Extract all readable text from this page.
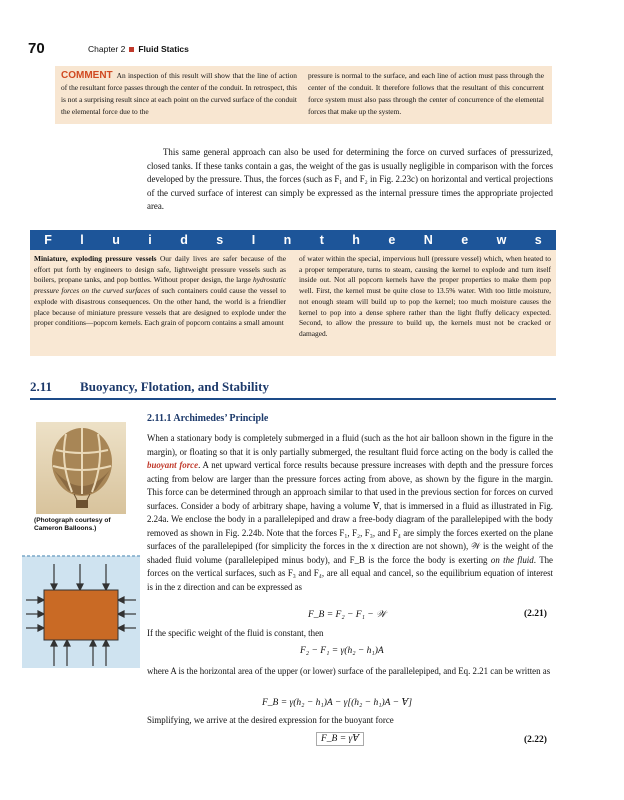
70	Chapter 2 Fluid Statics
COMMENT An inspection of this result will show that the line of action of the resultant force passes through the center of the conduit. In retrospect, this is not a surprising result since at each point on the curved surface of the conduit the elemental force due to the
pressure is normal to the surface, and each line of action must pass through the center of the conduit. It therefore follows that the resultant of this concurrent force system must also pass through the center of concurrence of the elemental forces that make up the system.
This same general approach can also be used for determining the force on curved surfaces of pressurized, closed tanks. If these tanks contain a gas, the weight of the gas is usually negligible in comparison with the forces developed by the pressure. Thus, the forces (such as F₁ and F₂ in Fig. 2.23c) on horizontal and vertical projections of the curved surface of interest can simply be expressed as the internal pressure times the appropriate projected area.
F l u i d s I n t h e N e w s
Miniature, exploding pressure vessels Our daily lives are safer because of the effort put forth by engineers to design safe, lightweight pressure vessels such as boilers, propane tanks, and pop bottles. Without proper design, the large hydrostatic pressure forces on the curved surfaces of such containers could cause the vessel to explode with disastrous consequences. On the other hand, the world is a friendlier place because of miniature pressure vessels that are designed to explode under the proper conditions—popcorn kernels. Each grain of popcorn contains a small amount
of water within the special, impervious hull (pressure vessel) which, when heated to a proper temperature, turns to steam, causing the kernel to explode and turn itself inside out. Not all popcorn kernels have the proper properties to make them pop well. First, the kernel must be quite close to 13.5% water. With too little moisture, not enough steam will build up to pop the kernel; too much moisture causes the kernel to pop into a dense sphere rather than the light fluffy delicacy expected. Second, to allow the pressure to build up, the kernels must not be cracked or damaged.
2.11 Buoyancy, Flotation, and Stability
2.11.1 Archimedes’ Principle
(Photograph courtesy of Cameron Balloons.)
When a stationary body is completely submerged in a fluid (such as the hot air balloon shown in the figure in the margin), or floating so that it is only partially submerged, the resultant fluid force acting on the body is called the buoyant force. A net upward vertical force results because pressure increases with depth and the pressure forces acting from below are larger than the pressure forces acting from above, as shown by the figure in the margin. This force can be determined through an approach similar to that used in the previous section for forces on curved surfaces. Consider a body of arbitrary shape, having a volume Ɐ, that is immersed in a fluid as illustrated in Fig. 2.24a. We enclose the body in a parallelepiped and draw a free-body diagram of the parallelepiped with the body removed as shown in Fig. 2.24b. Note that the forces F₁, F₂, F₃, and F₄ are simply the forces exerted on the plane surfaces of the parallelepiped (for simplicity the forces in the x direction are not shown), 𝒲 is the weight of the shaded fluid volume (parallelepiped minus body), and F_B is the force the body is exerting on the fluid. The forces on the vertical surfaces, such as F₃ and F₄, are all equal and cancel, so the equilibrium equation of interest is in the z direction and can be expressed as
F_B = F₂ − F₁ − 𝒲	(2.21)
If the specific weight of the fluid is constant, then
F₂ − F₁ = γ(h₂ − h₁)A
where A is the horizontal area of the upper (or lower) surface of the parallelepiped, and Eq. 2.21 can be written as
F_B = γ(h₂ − h₁)A − γ[(h₂ − h₁)A − Ɐ]
Simplifying, we arrive at the desired expression for the buoyant force
F_B = γⱯ	(2.22)
